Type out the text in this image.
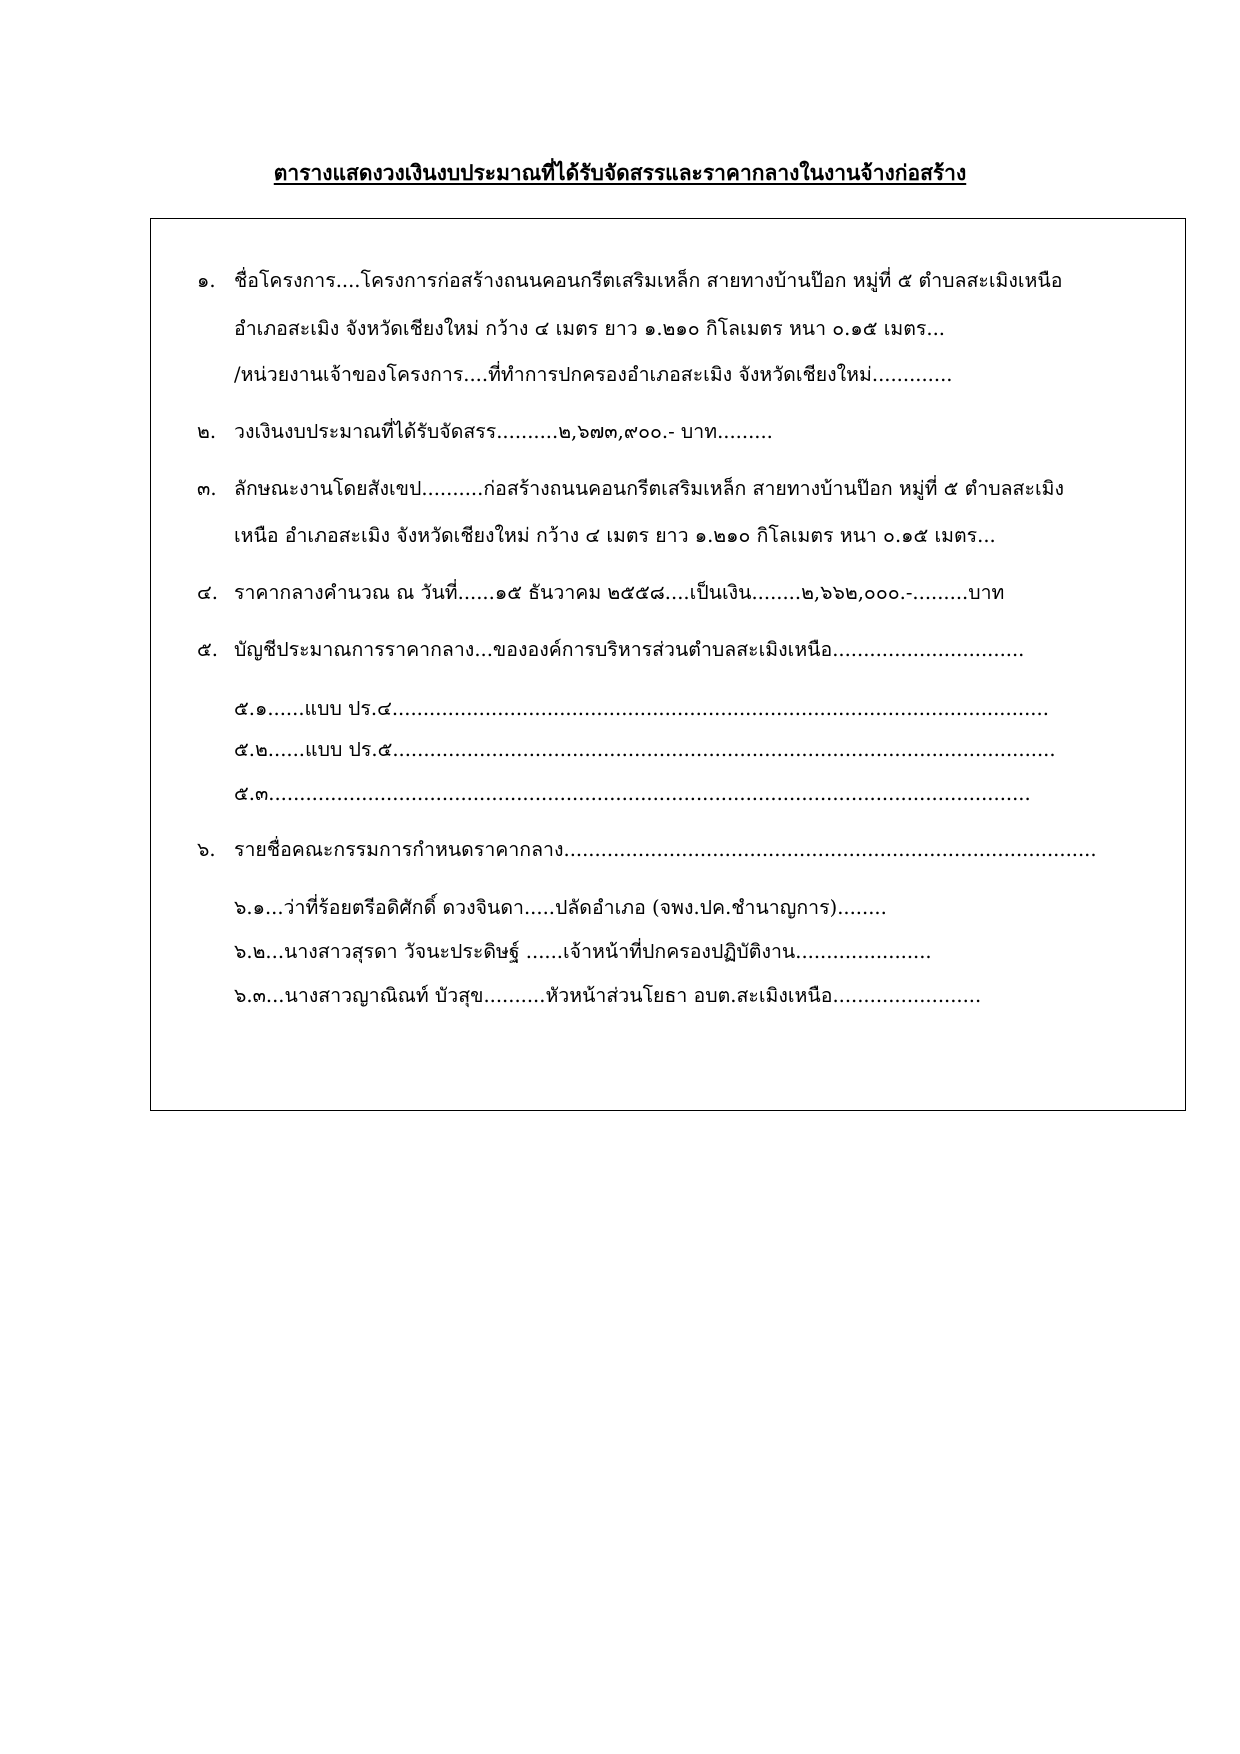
ตารางแสดงวงเงินงบประมาณที่ได้รับจัดสรรและราคากลางในงานจ้างก่อสร้าง
๑. ชื่อโครงการ....โครงการก่อสร้างถนนคอนกรีตเสริมเหล็ก สายทางบ้านป๊อก หมู่ที่ ๕ ตำบลสะเมิงเหนือ
อำเภอสะเมิง จังหวัดเชียงใหม่ กว้าง ๔ เมตร ยาว ๑.๒๑๐ กิโลเมตร หนา ๐.๑๕ เมตร...
/หน่วยงานเจ้าของโครงการ....ที่ทำการปกครองอำเภอสะเมิง จังหวัดเชียงใหม่.............
๒. วงเงินงบประมาณที่ได้รับจัดสรร..........๒,๖๗๓,๙๐๐.- บาท.........
๓. ลักษณะงานโดยสังเขป..........ก่อสร้างถนนคอนกรีตเสริมเหล็ก สายทางบ้านป๊อก หมู่ที่ ๕ ตำบลสะเมิง
เหนือ อำเภอสะเมิง จังหวัดเชียงใหม่ กว้าง ๔ เมตร ยาว ๑.๒๑๐ กิโลเมตร หนา ๐.๑๕ เมตร...
๔. ราคากลางคำนวณ ณ วันที่......๑๕ ธันวาคม ๒๕๕๘....เป็นเงิน........๒,๖๖๒,๐๐๐.-.........บาท
๕. บัญชีประมาณการราคากลาง...ขององค์การบริหารส่วนตำบลสะเมิงเหนือ...............................
๕.๑......แบบ ปร.๔..........................................................................................................
๕.๒......แบบ ปร.๕...........................................................................................................
๕.๓...........................................................................................................................
๖. รายชื่อคณะกรรมการกำหนดราคากลาง......................................................................................
๖.๑...ว่าที่ร้อยตรีอดิศักดิ์ ดวงจินดา.....ปลัดอำเภอ (จพง.ปค.ชำนาญการ)........
๖.๒...นางสาวสุรดา วัจนะประดิษฐ์ ......เจ้าหน้าที่ปกครองปฏิบัติงาน......................
๖.๓...นางสาวญาณิณท์ บัวสุข..........หัวหน้าส่วนโยธา อบต.สะเมิงเหนือ........................
